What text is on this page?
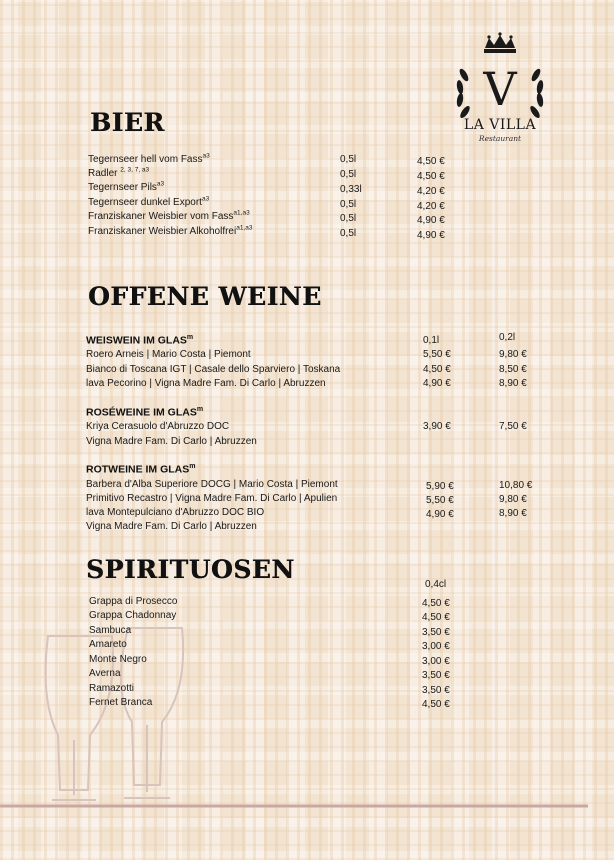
V
LA VILLA
Restaurant
BIER
Tegernseer hell vom Fass$^{a3}$	0,5l	4,50 €
Radler $^{2, 3, 7, a3}$	0,5l	4,50 €
Tegernseer Pils$^{a3}$	0,33l	4,20 €
Tegernseer dunkel Export$^{a3}$	0,5l	4,20 €
Franziskaner Weisbier vom Fass$^{a1,a3}$	0,5l	4,90 €
Franziskaner Weisbier Alkoholfrei$^{a1,a3}$	0,5l	4,90 €
OFFENE WEINE
WEISWEIN IM GLAS$^m$	0,1l	0,2l
Roero Arneis | Mario Costa | Piemont	5,50 €	9,80 €
Bianco di Toscana IGT | Casale dello Sparviero | Toskana	4,50 €	8,50 €
lava Pecorino | Vigna Madre Fam. Di Carlo | Abruzzen	4,90 €	8,90 €
ROSÉWEINE IM GLAS$^m$
Kriya Cerasuolo d'Abruzzo DOC	3,90 €	7,50 €
Vigna Madre Fam. Di Carlo | Abruzzen
ROTWEINE IM GLAS$^m$
Barbera d'Alba Superiore DOCG | Mario Costa | Piemont	5,90 €	10,80 €
Primitivo Recastro | Vigna Madre Fam. Di Carlo | Apulien	5,50 €	9,80 €
lava Montepulciano d'Abruzzo DOC BIO	4,90 €	8,90 €
Vigna Madre Fam. Di Carlo | Abruzzen
SPIRITUOSEN
0,4cl
Grappa di Prosecco	4,50 €
Grappa Chadonnay	4,50 €
Sambuca	3,50 €
Amareto	3,00 €
Monte Negro	3,00 €
Averna	3,50 €
Ramazotti	3,50 €
Fernet Branca	4,50 €
